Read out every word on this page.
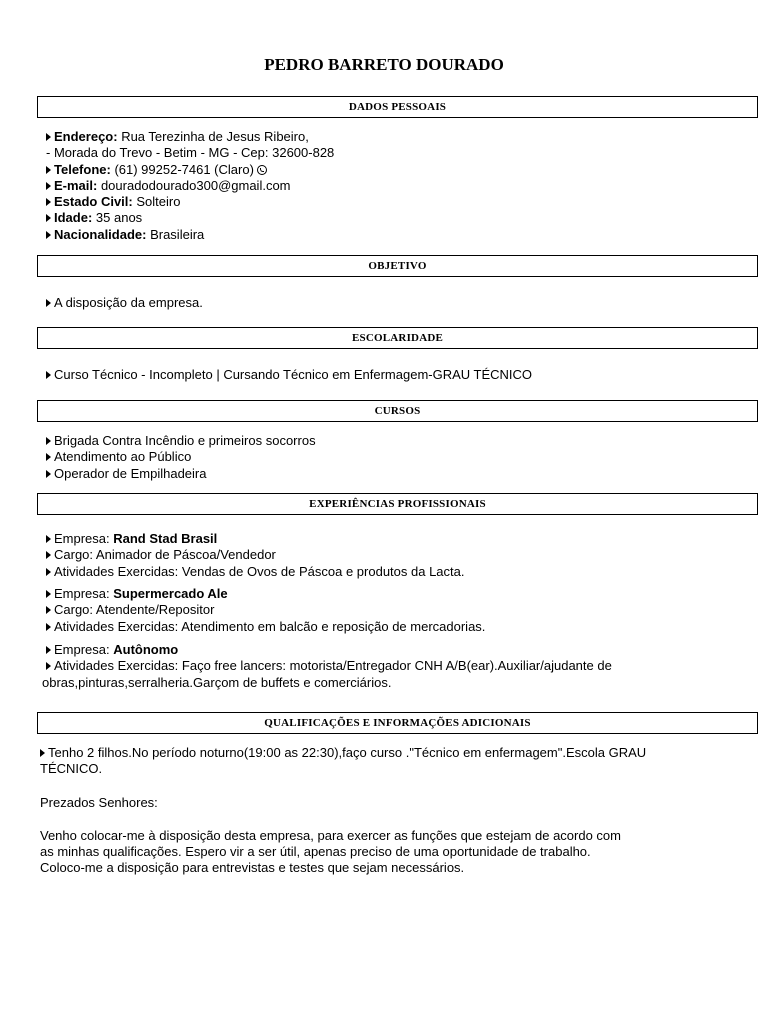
PEDRO BARRETO DOURADO
DADOS PESSOAIS
Endereço: Rua Terezinha de Jesus Ribeiro,
- Morada do Trevo - Betim - MG - Cep: 32600-828
Telefone: (61) 99252-7461 (Claro)
E-mail: douradodourado300@gmail.com
Estado Civil: Solteiro
Idade: 35 anos
Nacionalidade: Brasileira
OBJETIVO
A disposição da empresa.
ESCOLARIDADE
Curso Técnico - Incompleto | Cursando Técnico em Enfermagem-GRAU TÉCNICO
CURSOS
Brigada Contra Incêndio e primeiros socorros
Atendimento ao Público
Operador de Empilhadeira
EXPERIÊNCIAS PROFISSIONAIS
Empresa: Rand Stad Brasil
Cargo: Animador de Páscoa/Vendedor
Atividades Exercidas: Vendas de Ovos de Páscoa e produtos da Lacta.
Empresa: Supermercado Ale
Cargo: Atendente/Repositor
Atividades Exercidas: Atendimento em balcão e reposição de mercadorias.
Empresa: Autônomo
Atividades Exercidas: Faço free lancers: motorista/Entregador CNH A/B(ear).Auxiliar/ajudante de obras,pinturas,serralheria.Garçom de buffets e comerciários.
QUALIFICAÇÕES E INFORMAÇÕES ADICIONAIS
Tenho 2 filhos.No período noturno(19:00 as 22:30),faço curso ."Técnico em enfermagem".Escola GRAU TÉCNICO.

Prezados Senhores:

Venho colocar-me à disposição desta empresa, para exercer as funções que estejam de acordo com as minhas qualificações. Espero vir a ser útil, apenas preciso de uma oportunidade de trabalho. Coloco-me a disposição para entrevistas e testes que sejam necessários.
